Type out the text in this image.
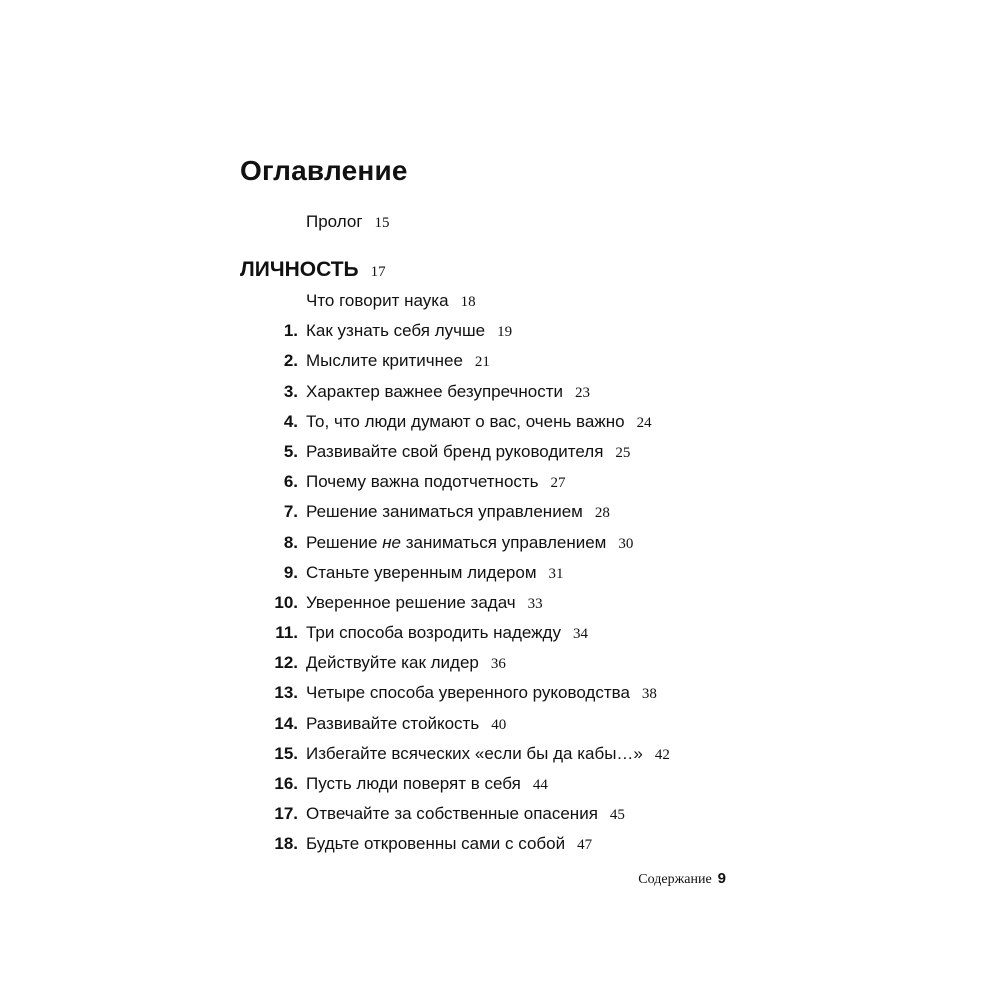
Оглавление
Пролог 15
ЛИЧНОСТЬ 17
Что говорит наука 18
1. Как узнать себя лучше 19
2. Мыслите критичнее 21
3. Характер важнее безупречности 23
4. То, что люди думают о вас, очень важно 24
5. Развивайте свой бренд руководителя 25
6. Почему важна подотчетность 27
7. Решение заниматься управлением 28
8. Решение не заниматься управлением 30
9. Станьте уверенным лидером 31
10. Уверенное решение задач 33
11. Три способа возродить надежду 34
12. Действуйте как лидер 36
13. Четыре способа уверенного руководства 38
14. Развивайте стойкость 40
15. Избегайте всяческих «если бы да кабы…» 42
16. Пусть люди поверят в себя 44
17. Отвечайте за собственные опасения 45
18. Будьте откровенны сами с собой 47
Содержание 9
